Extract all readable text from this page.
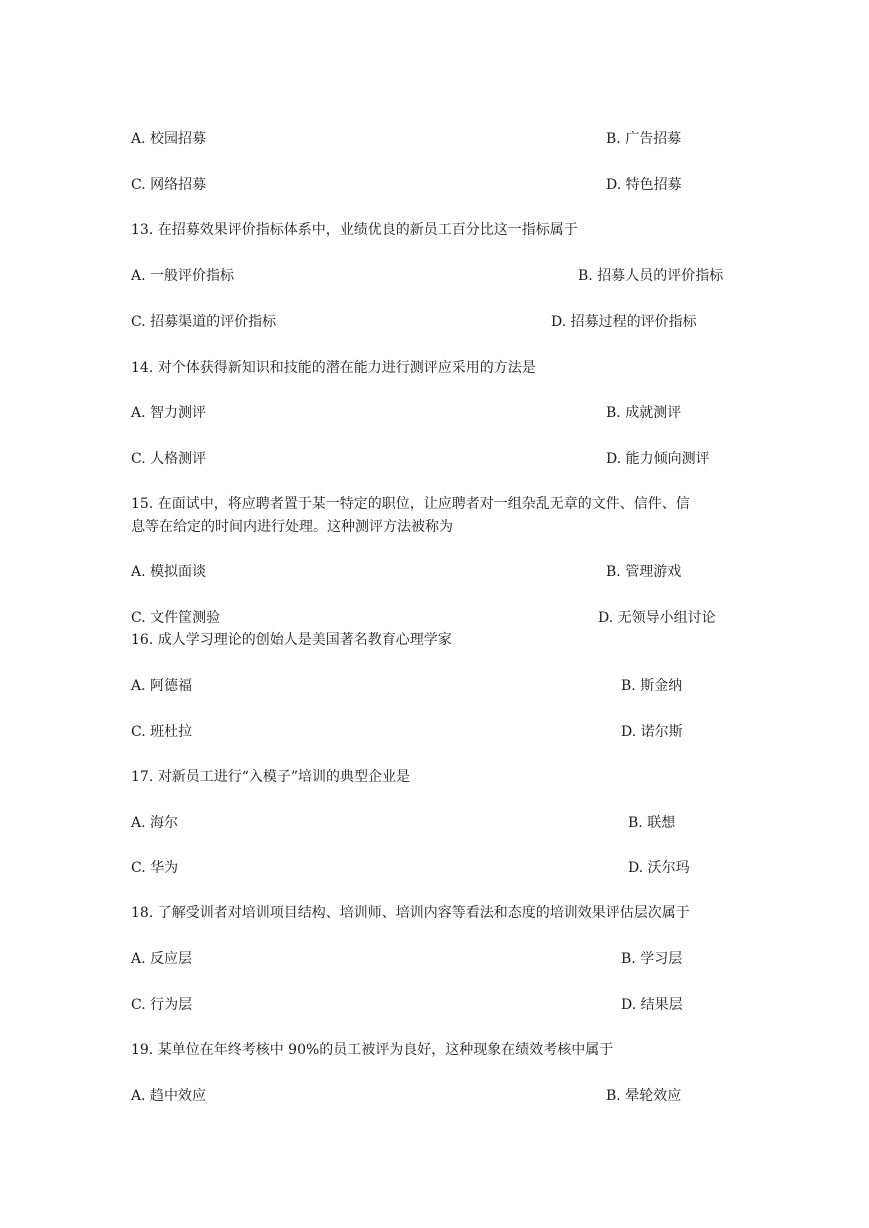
A. 校园招募	B. 广告招募
C. 网络招募	D. 特色招募
13. 在招募效果评价指标体系中，业绩优良的新员工百分比这一指标属于
A. 一般评价指标	B. 招募人员的评价指标
C. 招募渠道的评价指标	D. 招募过程的评价指标
14. 对个体获得新知识和技能的潜在能力进行测评应采用的方法是
A. 智力测评	B. 成就测评
C. 人格测评	D. 能力倾向测评
15. 在面试中，将应聘者置于某一特定的职位，让应聘者对一组杂乱无章的文件、信件、信
息等在给定的时间内进行处理。这种测评方法被称为
A. 模拟面谈	B. 管理游戏
C. 文件筐测验	D. 无领导小组讨论
16. 成人学习理论的创始人是美国著名教育心理学家
A. 阿德福	B. 斯金纳
C. 班杜拉	D. 诺尔斯
17. 对新员工进行“入模子”培训的典型企业是
A. 海尔	B. 联想
C. 华为	D. 沃尔玛
18. 了解受训者对培训项目结构、培训师、培训内容等看法和态度的培训效果评估层次属于
A. 反应层	B. 学习层
C. 行为层	D. 结果层
19. 某单位在年终考核中 90%的员工被评为良好，这种现象在绩效考核中属于
A. 趋中效应	B. 晕轮效应
